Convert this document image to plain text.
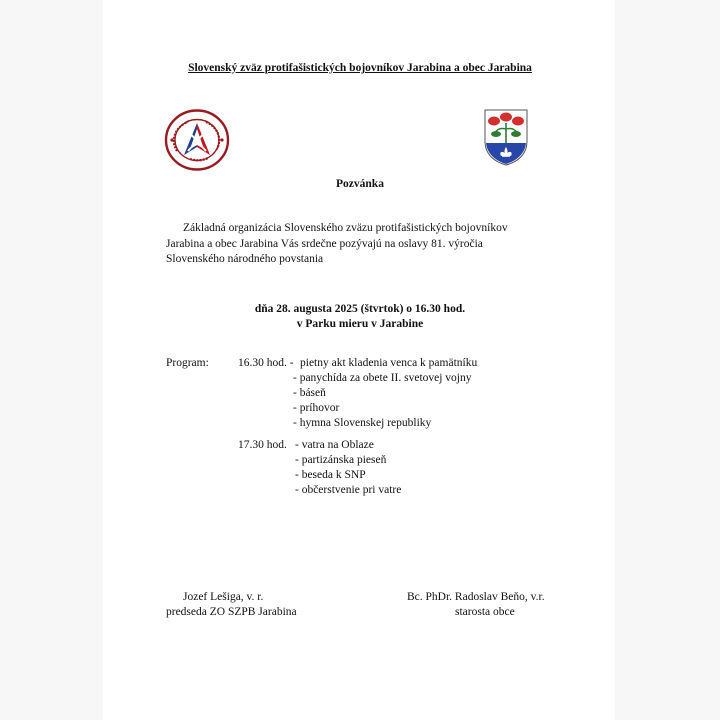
Slovenský zväz protifašistických bojovníkov Jarabina a obec Jarabina
Pozvánka
Základná organizácia Slovenského zväzu protifašistických bojovníkov
Jarabina a obec Jarabina Vás srdečne pozývajú na oslavy 81. výročia
Slovenského národného povstania
dňa 28. augusta 2025 (štvrtok) o 16.30 hod.
v Parku mieru v Jarabine
Program:	16.30 hod. - pietny akt kladenia venca k pamätníku
- panychída za obete II. svetovej vojny
- báseň
- príhovor
- hymna Slovenskej republiky
17.30 hod. - vatra na Oblaze
- partizánska pieseň
- beseda k SNP
- občerstvenie pri vatre
Jozef Lešiga, v. r.
predseda ZO SZPB Jarabina
Bc. PhDr. Radoslav Beňo, v.r.
starosta obce
